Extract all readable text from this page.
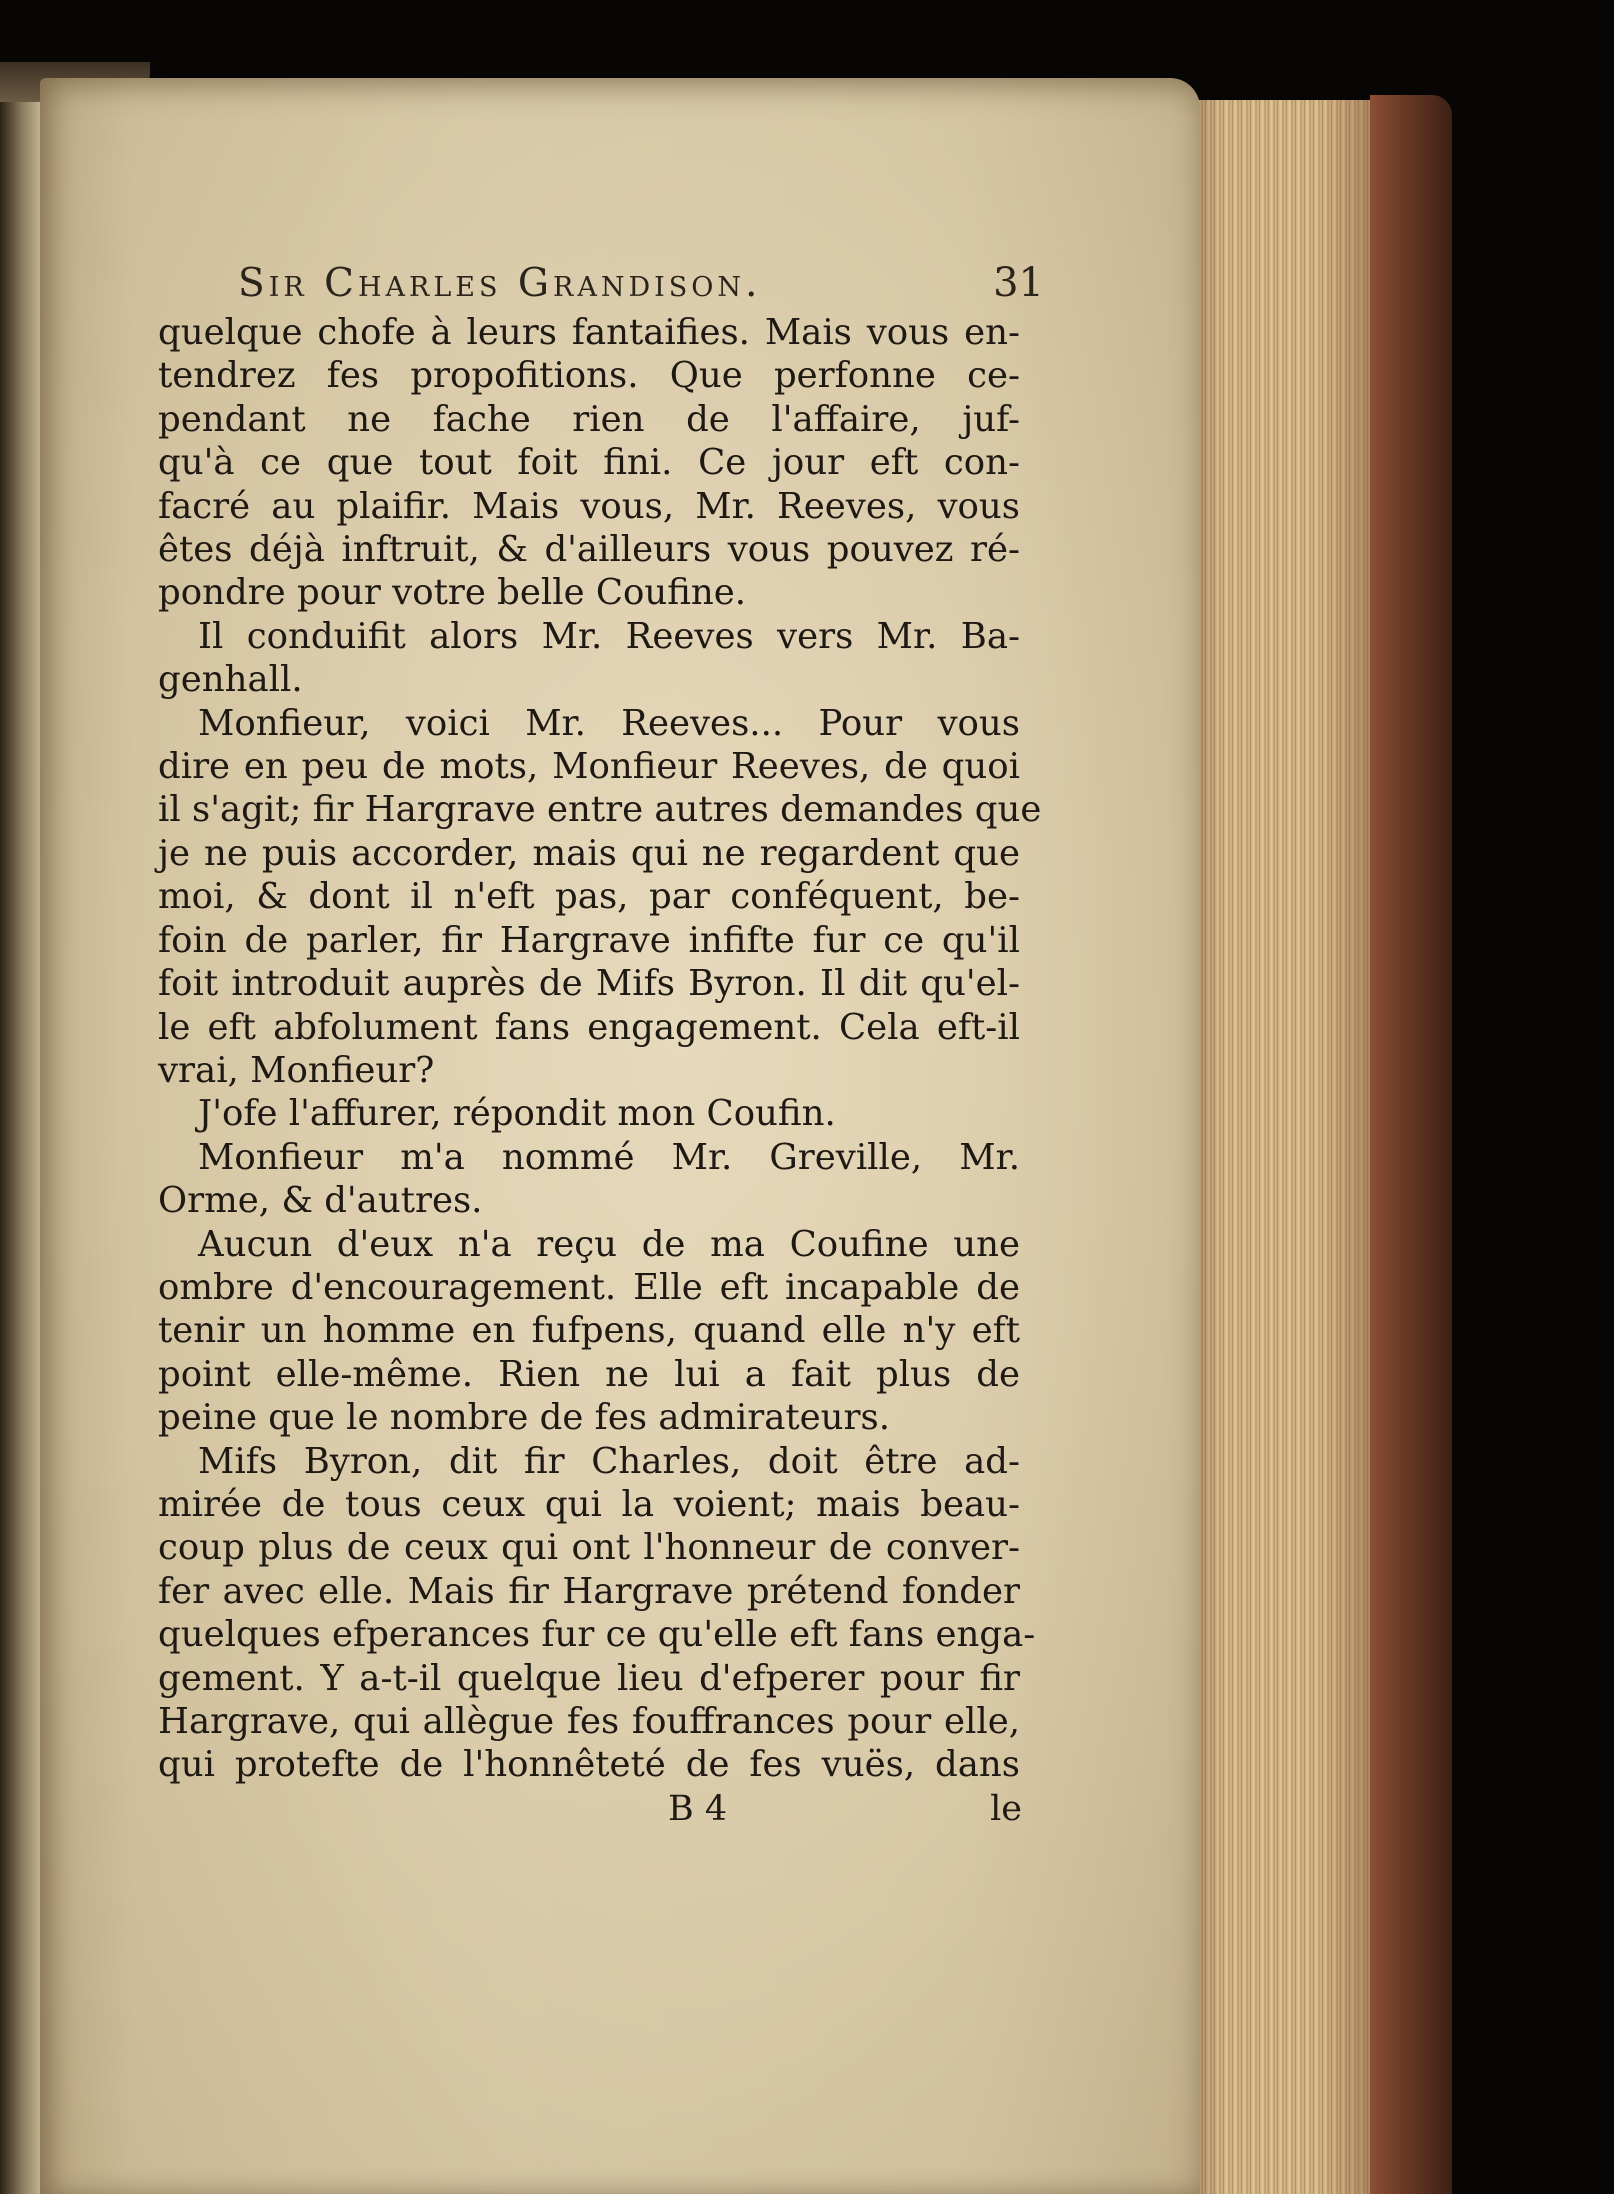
Sir Charles Grandison.	31
quelque chofe à leurs fantaifies. Mais vous en-
tendrez fes propofitions. Que perfonne ce-
pendant ne fache rien de l'affaire, juf-
qu'à ce que tout foit fini. Ce jour eft con-
facré au plaifir. Mais vous, Mr. Reeves, vous
êtes déjà inftruit, & d'ailleurs vous pouvez ré-
pondre pour votre belle Coufine.
Il conduifit alors Mr. Reeves vers Mr. Ba-
genhall.
Monfieur, voici Mr. Reeves... Pour vous
dire en peu de mots, Monfieur Reeves, de quoi
il s'agit; fir Hargrave entre autres demandes que
je ne puis accorder, mais qui ne regardent que
moi, & dont il n'eft pas, par conféquent, be-
foin de parler, fir Hargrave infifte fur ce qu'il
foit introduit auprès de Mifs Byron. Il dit qu'el-
le eft abfolument fans engagement. Cela eft-il
vrai, Monfieur?
J'ofe l'affurer, répondit mon Coufin.
Monfieur m'a nommé Mr. Greville, Mr.
Orme, & d'autres.
Aucun d'eux n'a reçu de ma Coufine une
ombre d'encouragement. Elle eft incapable de
tenir un homme en fufpens, quand elle n'y eft
point elle-même. Rien ne lui a fait plus de
peine que le nombre de fes admirateurs.
Mifs Byron, dit fir Charles, doit être ad-
mirée de tous ceux qui la voient; mais beau-
coup plus de ceux qui ont l'honneur de conver-
fer avec elle. Mais fir Hargrave prétend fonder
quelques efperances fur ce qu'elle eft fans enga-
gement. Y a-t-il quelque lieu d'efperer pour fir
Hargrave, qui allègue fes fouffrances pour elle,
qui protefte de l'honnêteté de fes vuës, dans
B 4	le
